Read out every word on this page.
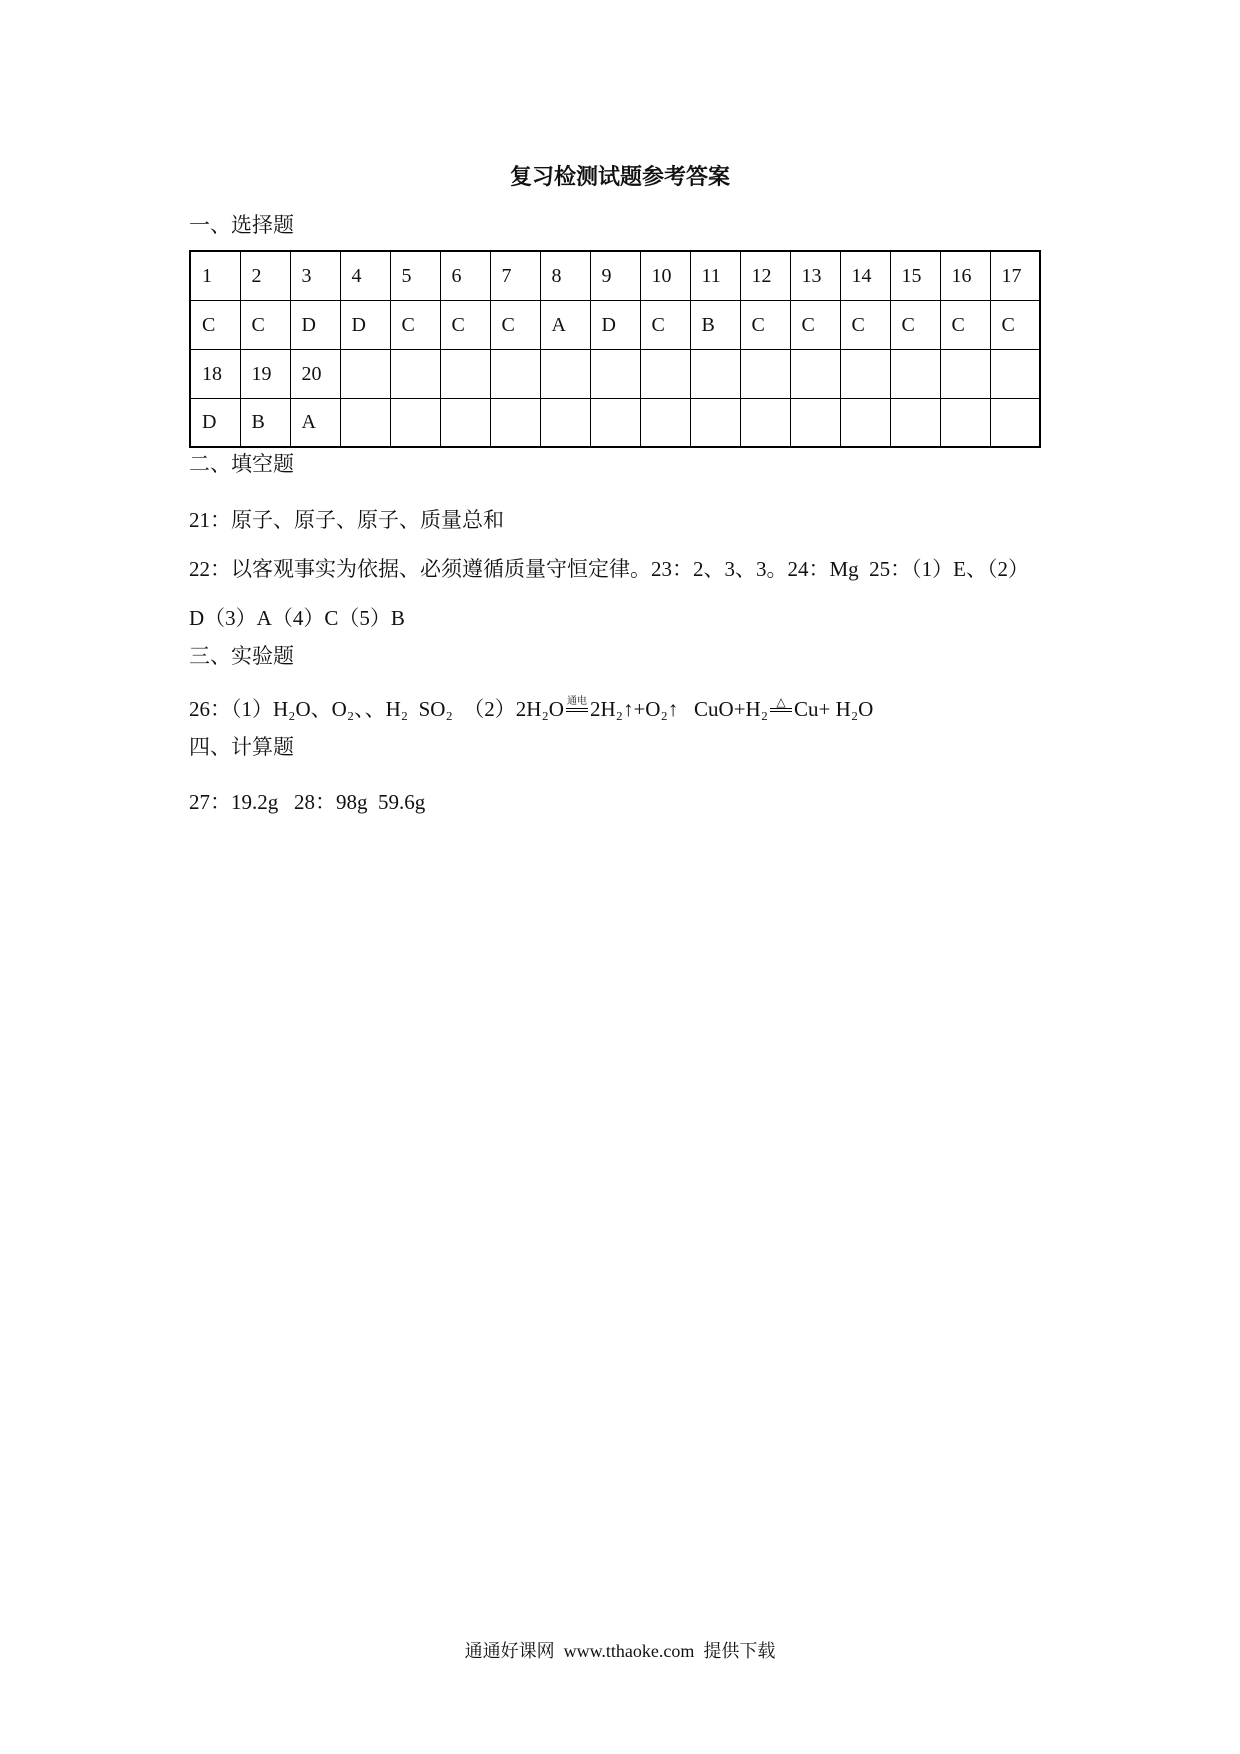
复习检测试题参考答案
一、选择题
1	2	3	4	5	6	7	8	9	10	11	12	13	14	15	16	17
C	C	D	D	C	C	C	A	D	C	B	C	C	C	C	C	C
18	19	20														
D	B	A														
二、填空题
21：原子、原子、原子、质量总和
22：以客观事实为依据、必须遵循质量守恒定律。23：2、3、3。24：Mg  25：（1）E、（2）
D（3）A（4）C（5）B
三、实验题
26：（1）H₂O、O₂、、H₂  SO₂  （2）2H₂O 通电 2H₂↑+O₂↑   CuO+H₂ △ Cu+ H₂O
四、计算题
27：19.2g   28：98g  59.6g
通通好课网  www.tthaoke.com  提供下载
